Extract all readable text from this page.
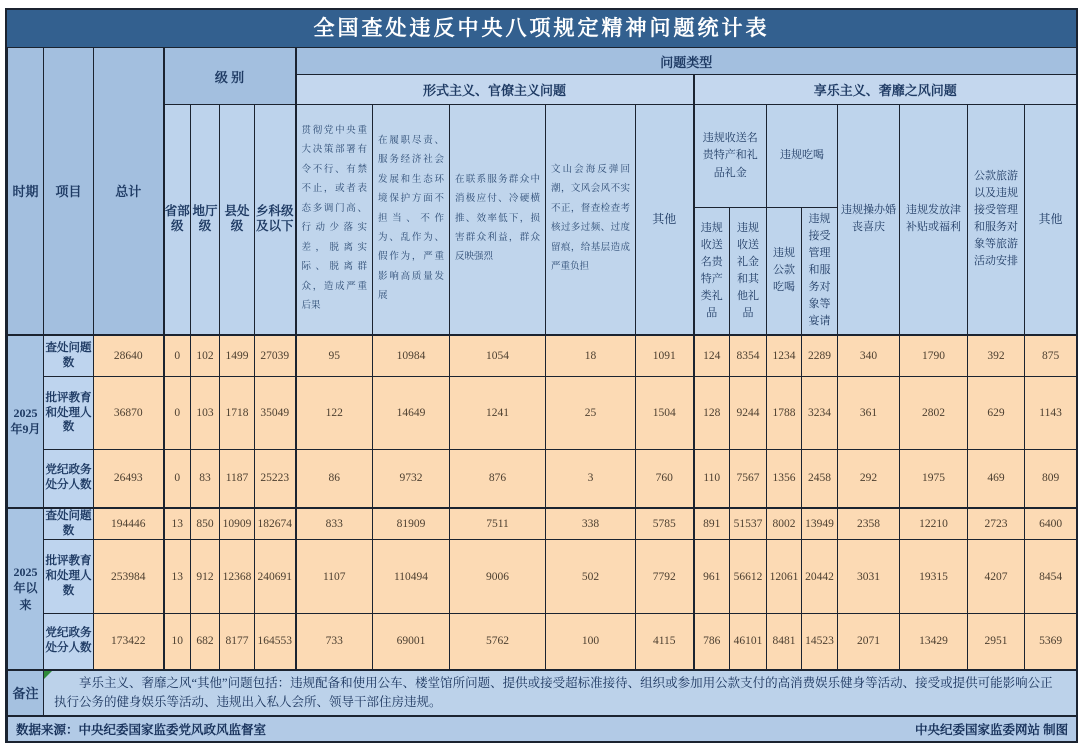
全国查处违反中央八项规定精神问题统计表
时期	项目	总计	级 别				问题类型												
							形式主义、官僚主义问题					享乐主义、奢靡之风问题							
			省部级	地厅级	县处级	乡科级及以下	贯彻党中央重大决策部署有令不行、有禁不止，或者表态多调门高、行动少落实差，脱离实际、脱离群众，造成严重后果	在履职尽责、服务经济社会发展和生态环境保护方面不担当、不作为、乱作为、假作为，严重影响高质量发展	在联系服务群众中消极应付、冷硬横推、效率低下，损害群众利益，群众反映强烈	文山会海反弹回潮，文风会风不实不正，督查检查考核过多过频、过度留痕，给基层造成严重负担	其他	违规收送名贵特产和礼品礼金		违规吃喝		违规操办婚丧喜庆	违规发放津补贴或福利	公款旅游以及违规接受管理和服务对象等旅游活动安排	其他
												违规收送名贵特产类礼品	违规收送礼金和其他礼品	违规公款吃喝	违规接受管理和服务对象等宴请				
2025年9月	查处问题数	28640	0	102	1499	27039	95	10984	1054	18	1091	124	8354	1234	2289	340	1790	392	875
	批评教育和处理人数	36870	0	103	1718	35049	122	14649	1241	25	1504	128	9244	1788	3234	361	2802	629	1143
	党纪政务处分人数	26493	0	83	1187	25223	86	9732	876	3	760	110	7567	1356	2458	292	1975	469	809
2025年以来	查处问题数	194446	13	850	10909	182674	833	81909	7511	338	5785	891	51537	8002	13949	2358	12210	2723	6400
	批评教育和处理人数	253984	13	912	12368	240691	1107	110494	9006	502	7792	961	56612	12061	20442	3031	19315	4207	8454
	党纪政务处分人数	173422	10	682	8177	164553	733	69001	5762	100	4115	786	46101	8481	14523	2071	13429	2951	5369
备注	享乐主义、奢靡之风“其他”问题包括：违规配备和使用公车、楼堂馆所问题、提供或接受超标准接待、组织或参加用公款支付的高消费娱乐健身等活动、接受或提供可能影响公正执行公务的健身娱乐等活动、违规出入私人会所、领导干部住房违规。																		

数据来源：中央纪委国家监委党风政风监督室 中央纪委国家监委网站 制图																			
